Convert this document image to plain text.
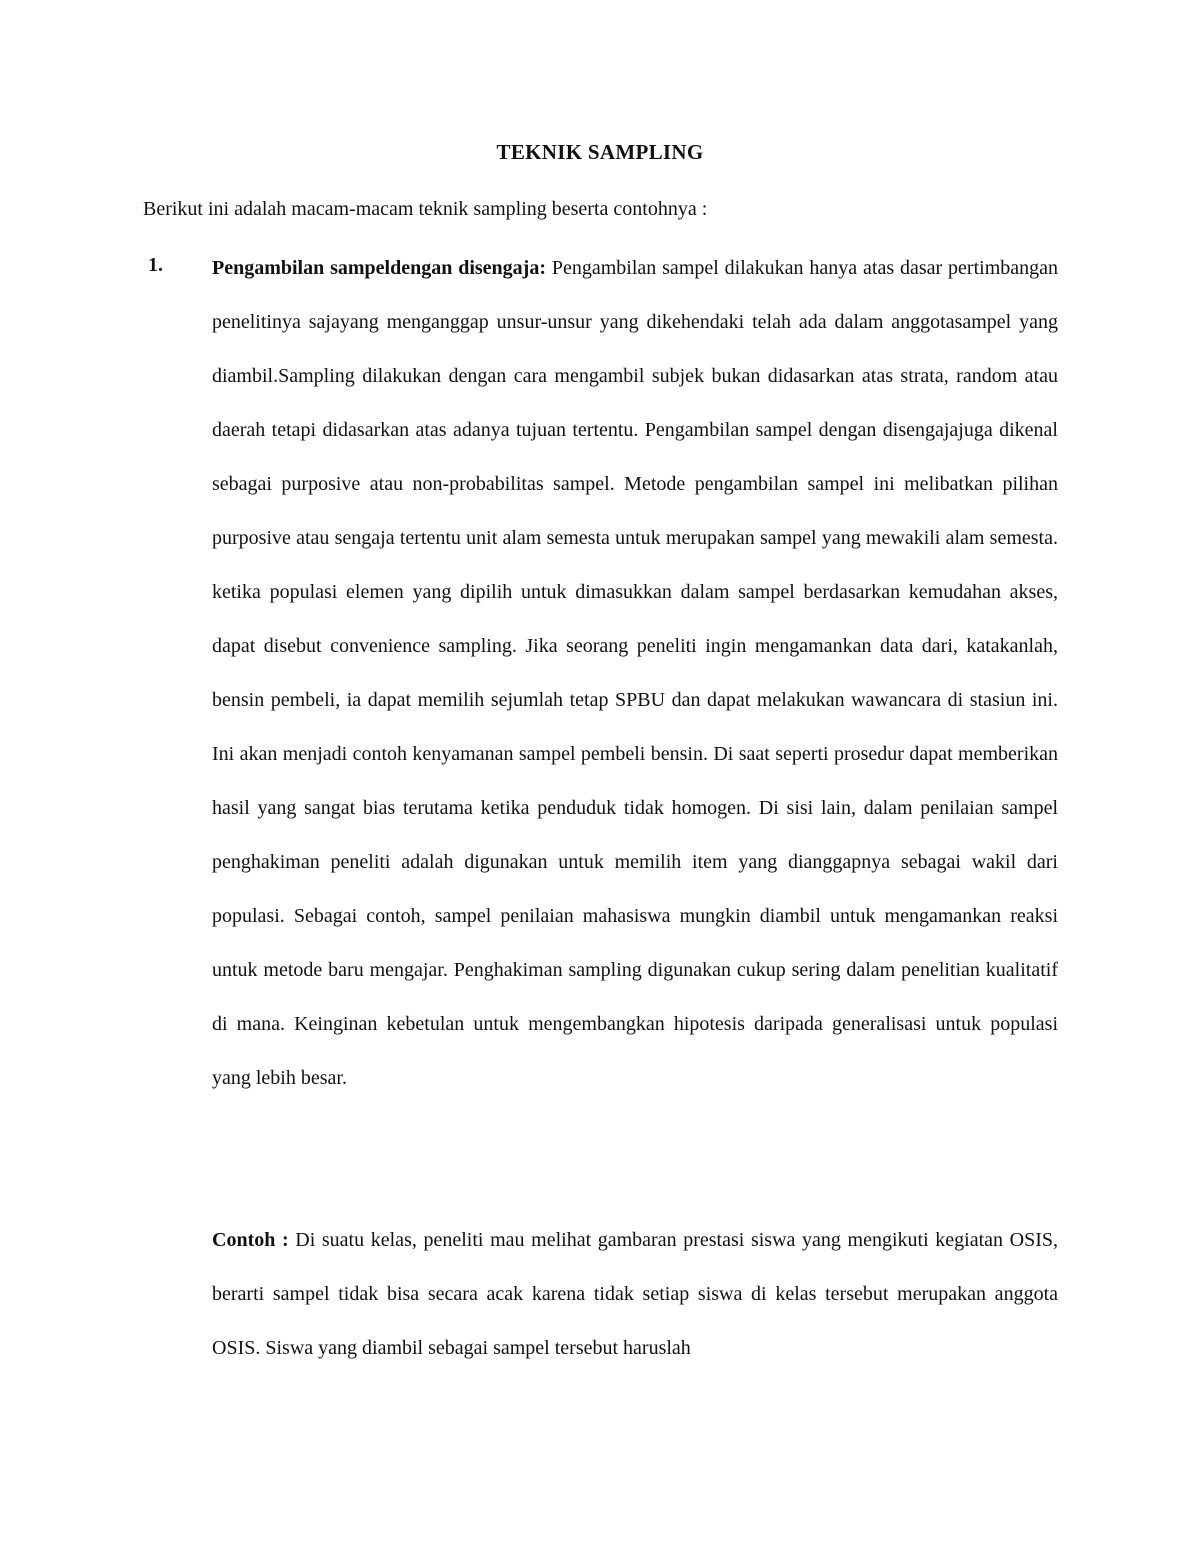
TEKNIK SAMPLING
Berikut ini adalah macam-macam teknik sampling beserta contohnya :
1. Pengambilan sampeldengan disengaja: Pengambilan sampel dilakukan hanya atas dasar pertimbangan penelitinya sajayang menganggap unsur-unsur yang dikehendaki telah ada dalam anggotasampel yang diambil.Sampling dilakukan dengan cara mengambil subjek bukan didasarkan atas strata, random atau daerah tetapi didasarkan atas adanya tujuan tertentu. Pengambilan sampel dengan disengajajuga dikenal sebagai purposive atau non-probabilitas sampel. Metode pengambilan sampel ini melibatkan pilihan purposive atau sengaja tertentu unit alam semesta untuk merupakan sampel yang mewakili alam semesta. ketika populasi elemen yang dipilih untuk dimasukkan dalam sampel berdasarkan kemudahan akses, dapat disebut convenience sampling. Jika seorang peneliti ingin mengamankan data dari, katakanlah, bensin pembeli, ia dapat memilih sejumlah tetap SPBU dan dapat melakukan wawancara di stasiun ini. Ini akan menjadi contoh kenyamanan sampel pembeli bensin. Di saat seperti prosedur dapat memberikan hasil yang sangat bias terutama ketika penduduk tidak homogen. Di sisi lain, dalam penilaian sampel penghakiman peneliti adalah digunakan untuk memilih item yang dianggapnya sebagai wakil dari populasi. Sebagai contoh, sampel penilaian mahasiswa mungkin diambil untuk mengamankan reaksi untuk metode baru mengajar. Penghakiman sampling digunakan cukup sering dalam penelitian kualitatif di mana. Keinginan kebetulan untuk mengembangkan hipotesis daripada generalisasi untuk populasi yang lebih besar.
Contoh : Di suatu kelas, peneliti mau melihat gambaran prestasi siswa yang mengikuti kegiatan OSIS, berarti sampel tidak bisa secara acak karena tidak setiap siswa di kelas tersebut merupakan anggota OSIS. Siswa yang diambil sebagai sampel tersebut haruslah
